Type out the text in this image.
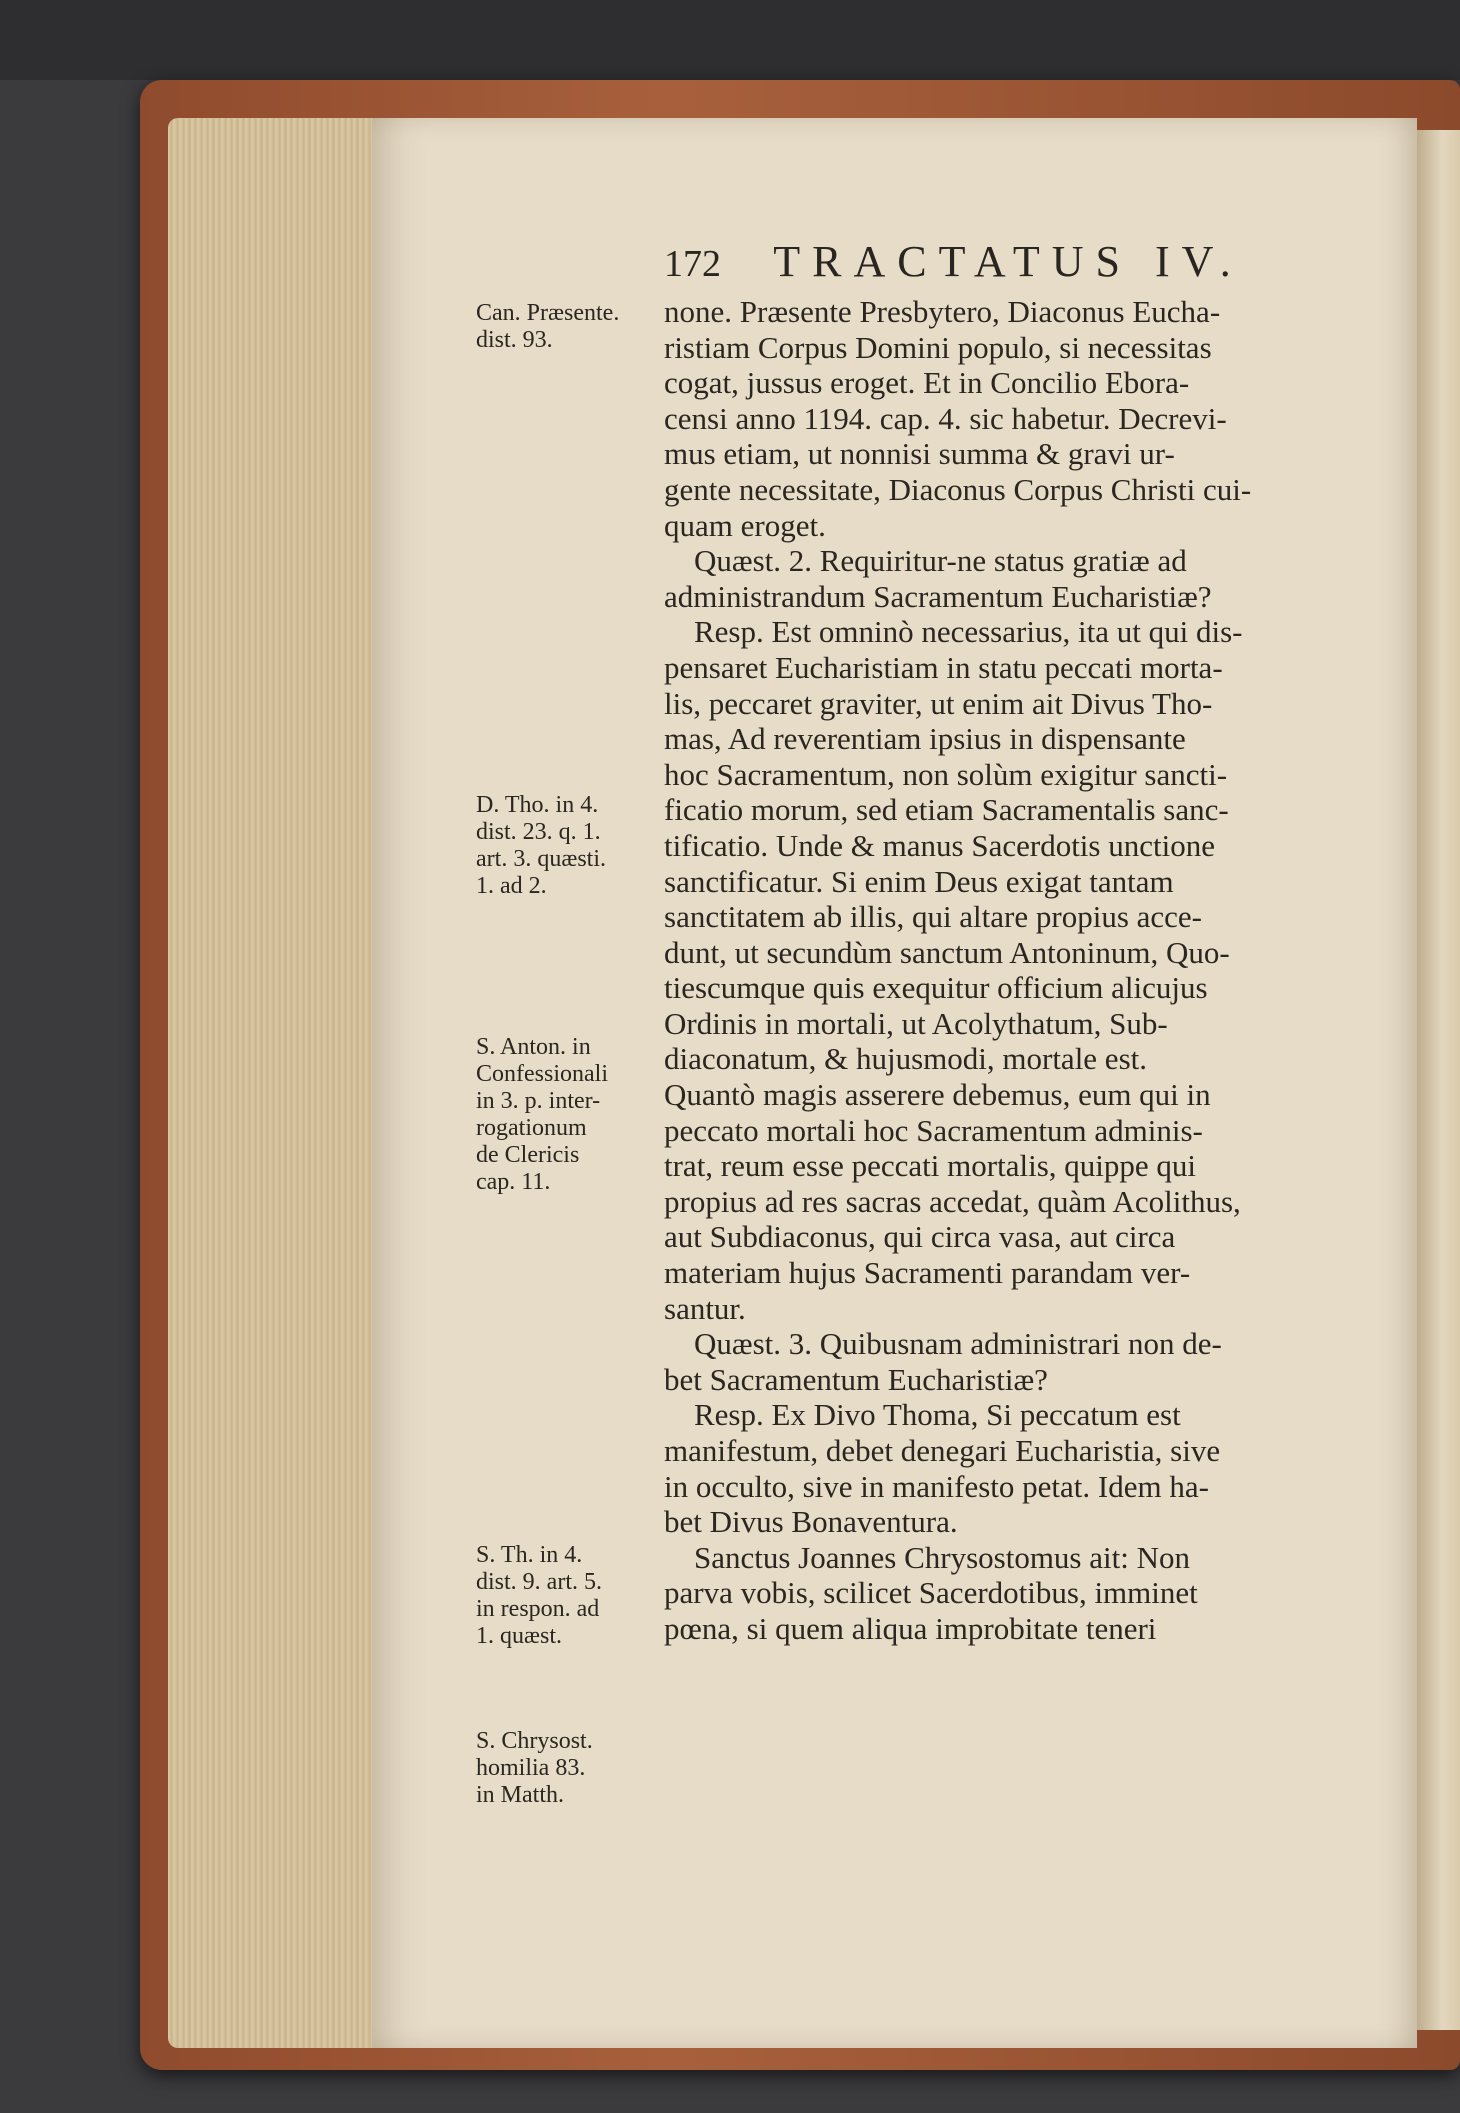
172 TRACTATUS IV.
none. Præsente Presbytero, Diaconus Eucha-
ristiam Corpus Domini populo, si necessitas
cogat, jussus eroget. Et in Concilio Ebora-
censi anno 1194. cap. 4. sic habetur. Decrevi-
mus etiam, ut nonnisi summa & gravi ur-
gente necessitate, Diaconus Corpus Christi cui-
quam eroget.
Quæst. 2. Requiritur-ne status gratiæ ad
administrandum Sacramentum Eucharistiæ?
Resp. Est omninò necessarius, ita ut qui dis-
pensaret Eucharistiam in statu peccati morta-
lis, peccaret graviter, ut enim ait Divus Tho-
mas, Ad reverentiam ipsius in dispensante
hoc Sacramentum, non solùm exigitur sancti-
ficatio morum, sed etiam Sacramentalis sanc-
tificatio. Unde & manus Sacerdotis unctione
sanctificatur. Si enim Deus exigat tantam
sanctitatem ab illis, qui altare propius acce-
dunt, ut secundùm sanctum Antoninum, Quo-
tiescumque quis exequitur officium alicujus
Ordinis in mortali, ut Acolythatum, Sub-
diaconatum, & hujusmodi, mortale est.
Quantò magis asserere debemus, eum qui in
peccato mortali hoc Sacramentum adminis-
trat, reum esse peccati mortalis, quippe qui
propius ad res sacras accedat, quàm Acolithus,
aut Subdiaconus, qui circa vasa, aut circa
materiam hujus Sacramenti parandam ver-
santur.
Quæst. 3. Quibusnam administrari non de-
bet Sacramentum Eucharistiæ?
Resp. Ex Divo Thoma, Si peccatum est
manifestum, debet denegari Eucharistia, sive
in occulto, sive in manifesto petat. Idem ha-
bet Divus Bonaventura.
Sanctus Joannes Chrysostomus ait: Non
parva vobis, scilicet Sacerdotibus, imminet
pœna, si quem aliqua improbitate teneri
Can. Præsente.
dist. 93.
D. Tho. in 4.
dist. 23. q. 1.
art. 3. quæsti.
1. ad 2.
S. Anton. in
Confessionali
in 3. p. inter-
rogationum
de Clericis
cap. 11.
S. Th. in 4.
dist. 9. art. 5.
in respon. ad
1. quæst.
S. Chrysost.
homilia 83.
in Matth.
